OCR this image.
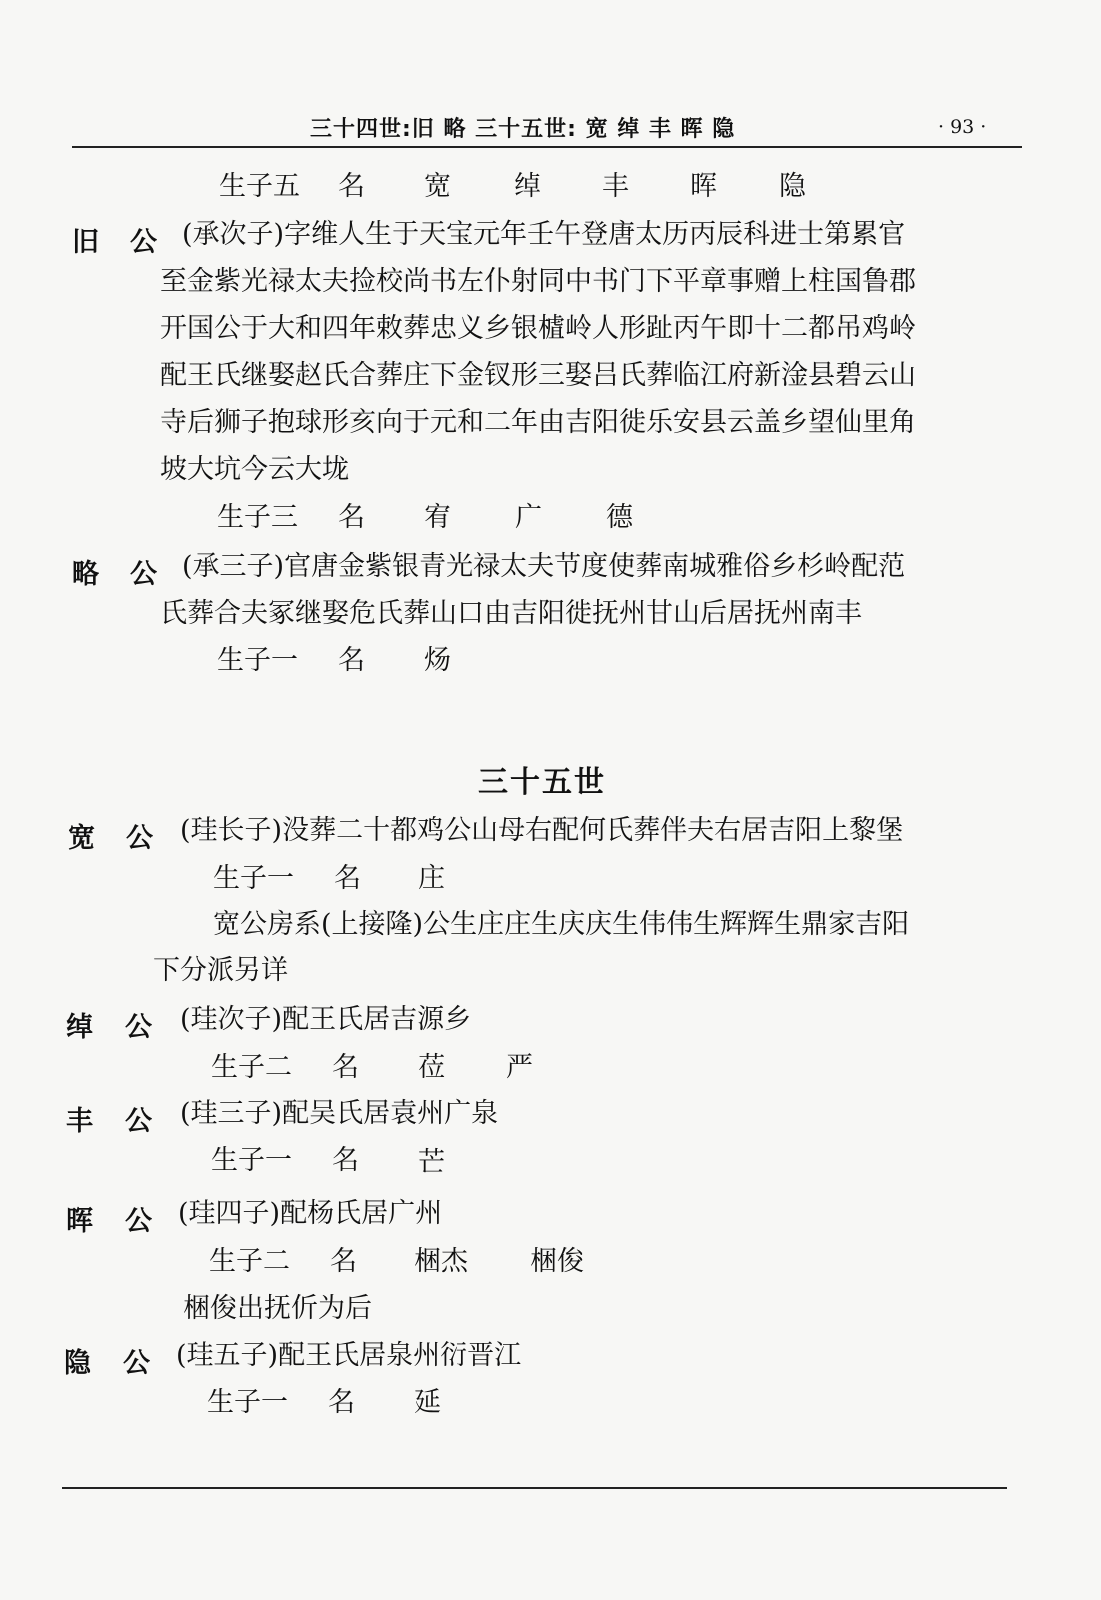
三十四世:旧 略 三十五世: 宽 绰 丰 晖 隐	· 93 ·
生子五 名 宽 绰 丰 晖 隐
旧 公 (承次子)字维人生于天宝元年壬午登唐太历丙辰科进士第累官
至金紫光禄太夫捡校尚书左仆射同中书门下平章事赠上柱国鲁郡
开国公于大和四年敕葬忠义乡银樝岭人形趾丙午即十二都吊鸡岭
配王氏继娶赵氏合葬庄下金钗形三娶吕氏葬临江府新淦县碧云山
寺后狮子抱球形亥向于元和二年由吉阳徙乐安县云盖乡望仙里角
坡大坑今云大垅
生子三 名 宥 广 德
略 公 (承三子)官唐金紫银青光禄太夫节度使葬南城雅俗乡杉岭配范
氏葬合夫冢继娶危氏葬山口由吉阳徙抚州甘山后居抚州南丰
生子一 名 炀
三十五世
宽 公 (珪长子)没葬二十都鸡公山母右配何氏葬伴夫右居吉阳上黎堡
生子一 名 庄
宽公房系(上接隆)公生庄庄生庆庆生伟伟生辉辉生鼎家吉阳
下分派另详
绰 公 (珪次子)配王氏居吉源乡
生子二 名 莅 严
丰 公 (珪三子)配吴氏居袁州广泉
生子一 名 芒
晖 公 (珪四子)配杨氏居广州
生子二 名 梱杰 梱俊
梱俊出抚伒为后
隐 公 (珪五子)配王氏居泉州衍晋江
生子一 名 延
